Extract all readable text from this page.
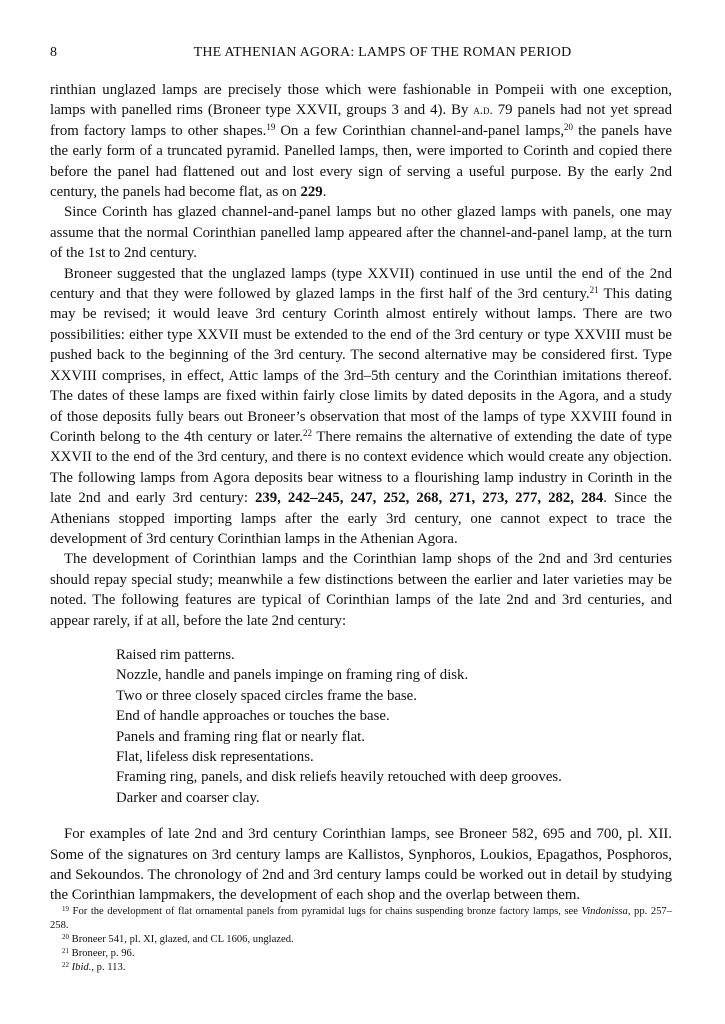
8	THE ATHENIAN AGORA: LAMPS OF THE ROMAN PERIOD

rinthian unglazed lamps are precisely those which were fashionable in Pompeii with one exception, lamps with panelled rims (Broneer type XXVII, groups 3 and 4). By a.d. 79 panels had not yet spread from factory lamps to other shapes.$^{19}$ On a few Corinthian channel-and-panel lamps,$^{20}$ the panels have the early form of a truncated pyramid. Panelled lamps, then, were imported to Corinth and copied there before the panel had flattened out and lost every sign of serving a useful purpose. By the early 2nd century, the panels had become flat, as on 229.

Since Corinth has glazed channel-and-panel lamps but no other glazed lamps with panels, one may assume that the normal Corinthian panelled lamp appeared after the channel-and-panel lamp, at the turn of the 1st to 2nd century.

Broneer suggested that the unglazed lamps (type XXVII) continued in use until the end of the 2nd century and that they were followed by glazed lamps in the first half of the 3rd century.$^{21}$ This dating may be revised; it would leave 3rd century Corinth almost entirely without lamps. There are two possibilities: either type XXVII must be extended to the end of the 3rd century or type XXVIII must be pushed back to the beginning of the 3rd century. The second alternative may be considered first. Type XXVIII comprises, in effect, Attic lamps of the 3rd–5th century and the Corinthian imitations thereof. The dates of these lamps are fixed within fairly close limits by dated deposits in the Agora, and a study of those deposits fully bears out Broneer’s observation that most of the lamps of type XXVIII found in Corinth belong to the 4th century or later.$^{22}$ There remains the alternative of extending the date of type XXVII to the end of the 3rd century, and there is no context evidence which would create any objection. The following lamps from Agora deposits bear witness to a flourishing lamp industry in Corinth in the late 2nd and early 3rd century: 239, 242–245, 247, 252, 268, 271, 273, 277, 282, 284. Since the Athenians stopped importing lamps after the early 3rd century, one cannot expect to trace the development of 3rd century Corinthian lamps in the Athenian Agora.

The development of Corinthian lamps and the Corinthian lamp shops of the 2nd and 3rd centuries should repay special study; meanwhile a few distinctions between the earlier and later varieties may be noted. The following features are typical of Corinthian lamps of the late 2nd and 3rd centuries, and appear rarely, if at all, before the late 2nd century:

Raised rim patterns.
Nozzle, handle and panels impinge on framing ring of disk.
Two or three closely spaced circles frame the base.
End of handle approaches or touches the base.
Panels and framing ring flat or nearly flat.
Flat, lifeless disk representations.
Framing ring, panels, and disk reliefs heavily retouched with deep grooves.
Darker and coarser clay.

For examples of late 2nd and 3rd century Corinthian lamps, see Broneer 582, 695 and 700, pl. XII. Some of the signatures on 3rd century lamps are Kallistos, Synphoros, Loukios, Epagathos, Posphoros, and Sekoundos. The chronology of 2nd and 3rd century lamps could be worked out in detail by studying the Corinthian lampmakers, the development of each shop and the overlap between them.

$^{19}$ For the development of flat ornamental panels from pyramidal lugs for chains suspending bronze factory lamps, see Vindonissa, pp. 257–258.

$^{20}$ Broneer 541, pl. XI, glazed, and CL 1606, unglazed.

$^{21}$ Broneer, p. 96.

$^{22}$ Ibid., p. 113.
